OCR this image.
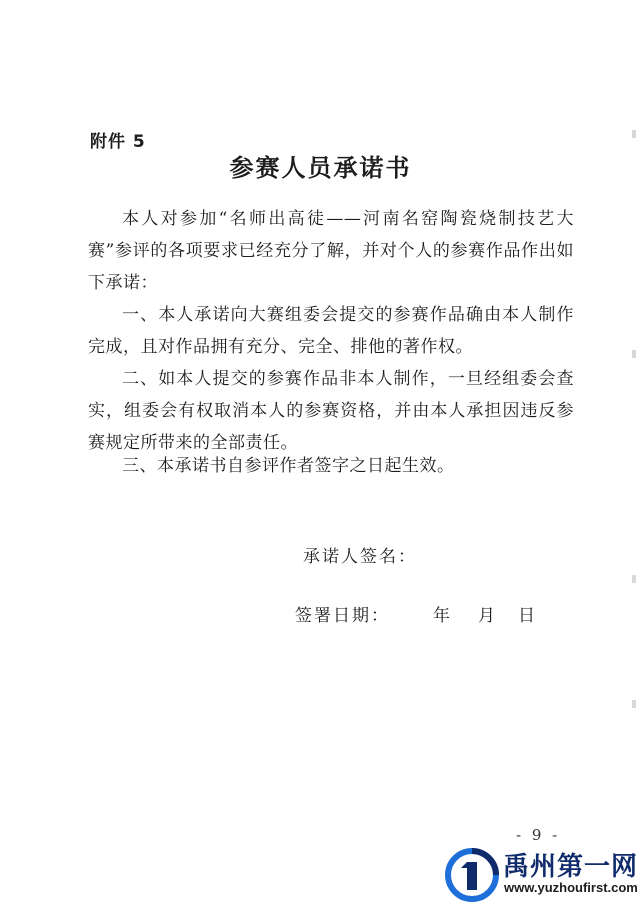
附件 5
参赛人员承诺书

本人对参加“名师出高徒——河南名窑陶瓷烧制技艺大赛”参评的各项要求已经充分了解，并对个人的参赛作品作出如下承诺：

一、本人承诺向大赛组委会提交的参赛作品确由本人制作完成，且对作品拥有充分、完全、排他的著作权。

二、如本人提交的参赛作品非本人制作，一旦经组委会查实，组委会有权取消本人的参赛资格，并由本人承担因违反参赛规定所带来的全部责任。

三、本承诺书自参评作者签字之日起生效。

承诺人签名：
签署日期：	年 月 日
- 9 -
禹州第一网
www.yuzhoufirst.com
